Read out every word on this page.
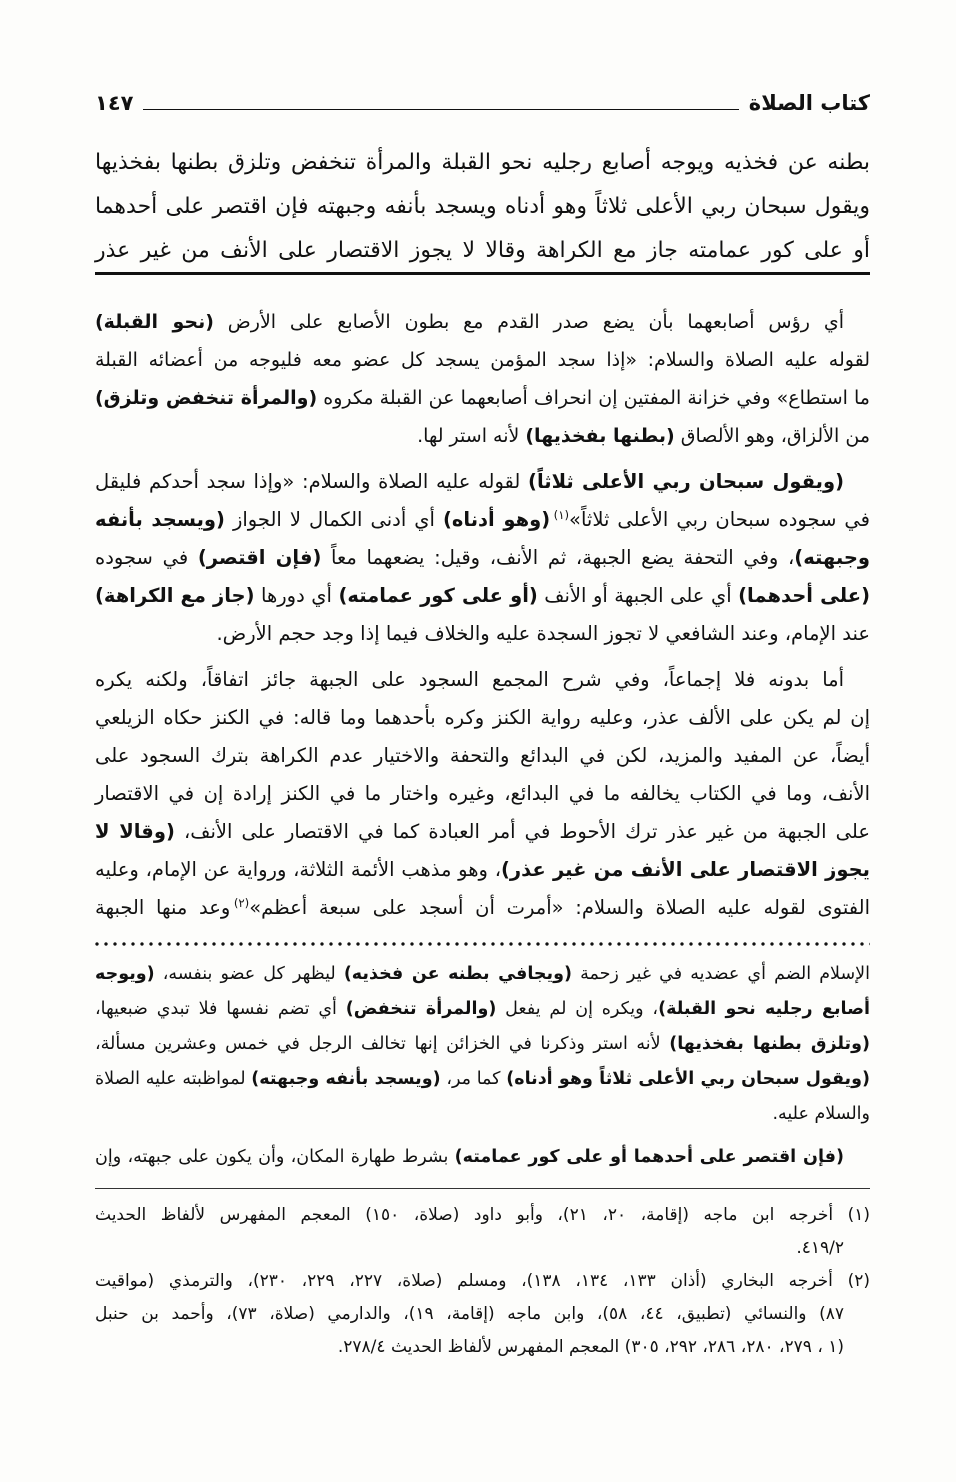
كتاب الصلاة
١٤٧
بطنه عن فخذيه ويوجه أصابع رجليه نحو القبلة والمرأة تنخفض وتلزق بطنها بفخذيها
ويقول سبحان ربي الأعلى ثلاثاً وهو أدناه ويسجد بأنفه وجبهته فإن اقتصر على أحدهما
أو على كور عمامته جاز مع الكراهة وقالا لا يجوز الاقتصار على الأنف من غير عذر
أي رؤس أصابعهما بأن يضع صدر القدم مع بطون الأصابع على الأرض (نحو القبلة)
لقوله عليه الصلاة والسلام: «إذا سجد المؤمن يسجد كل عضو معه فليوجه من أعضائه القبلة
ما استطاع» وفي خزانة المفتين إن انحراف أصابعهما عن القبلة مكروه (والمرأة تنخفض وتلزق)
من الألزاق، وهو الألصاق (بطنها بفخذيها) لأنه استر لها.
(ويقول سبحان ربي الأعلى ثلاثاً) لقوله عليه الصلاة والسلام: «وإذا سجد أحدكم فليقل
في سجوده سبحان ربي الأعلى ثلاثاً»$^{(١)}$(وهو أدناه) أي أدنى الكمال لا الجواز (ويسجد بأنفه
وجبهته)، وفي التحفة يضع الجبهة، ثم الأنف، وقيل: يضعهما معاً (فإن اقتصر) في سجوده
(على أحدهما) أي على الجبهة أو الأنف (أو على كور عمامته) أي دورها (جاز مع الكراهة)
عند الإمام، وعند الشافعي لا تجوز السجدة عليه والخلاف فيما إذا وجد حجم الأرض.
أما بدونه فلا إجماعاً، وفي شرح المجمع السجود على الجبهة جائز اتفاقاً، ولكنه يكره
إن لم يكن على الألف عذر، وعليه رواية الكنز وكره بأحدهما وما قاله: في الكنز حكاه الزيلعي
أيضاً، عن المفيد والمزيد، لكن في البدائع والتحفة والاختيار عدم الكراهة بترك السجود على
الأنف، وما في الكتاب يخالفه ما في البدائع، وغيره واختار ما في الكنز إرادة إن في الاقتصار
على الجبهة من غير عذر ترك الأحوط في أمر العبادة كما في الاقتصار على الأنف، (وقالا لا
يجوز الاقتصار على الأنف من غير عذر)، وهو مذهب الأئمة الثلاثة، ورواية عن الإمام، وعليه
الفتوى لقوله عليه الصلاة والسلام: «أمرت أن أسجد على سبعة أعظم»$^{(٢)}$وعد منها الجبهة
الإسلام الضم أي عضديه في غير زحمة (ويجافي بطنه عن فخذيه) ليظهر كل عضو بنفسه، (ويوجه
أصابع رجليه نحو القبلة)، ويكره إن لم يفعل (والمرأة تنخفض) أي تضم نفسها فلا تبدي ضبعيها،
(وتلزق بطنها بفخذيها) لأنه استر وذكرنا في الخزائن إنها تخالف الرجل في خمس وعشرين مسألة،
(ويقول سبحان ربي الأعلى ثلاثاً وهو أدناه) كما مر، (ويسجد بأنفه وجبهته) لمواظبته عليه الصلاة
والسلام عليه.
(فإن اقتصر على أحدهما أو على كور عمامته) بشرط طهارة المكان، وأن يكون على جبهته، وإن
(١) أخرجه ابن ماجه (إقامة، ٢٠، ٢١)، وأبو داود (صلاة، ١٥٠) المعجم المفهرس لألفاظ الحديث
٤١٩/٢.
(٢) أخرجه البخاري (أذان ١٣٣، ١٣٤، ١٣٨)، ومسلم (صلاة، ٢٢٧، ٢٢٩، ٢٣٠)، والترمذي (مواقيت
٨٧) والنسائي (تطبيق، ٤٤، ٥٨)، وابن ماجه (إقامة، ١٩)، والدارمي (صلاة، ٧٣)، وأحمد بن حنبل
(١ ، ٢٧٩، ٢٨٠، ٢٨٦، ٢٩٢، ٣٠٥) المعجم المفهرس لألفاظ الحديث ٢٧٨/٤.
